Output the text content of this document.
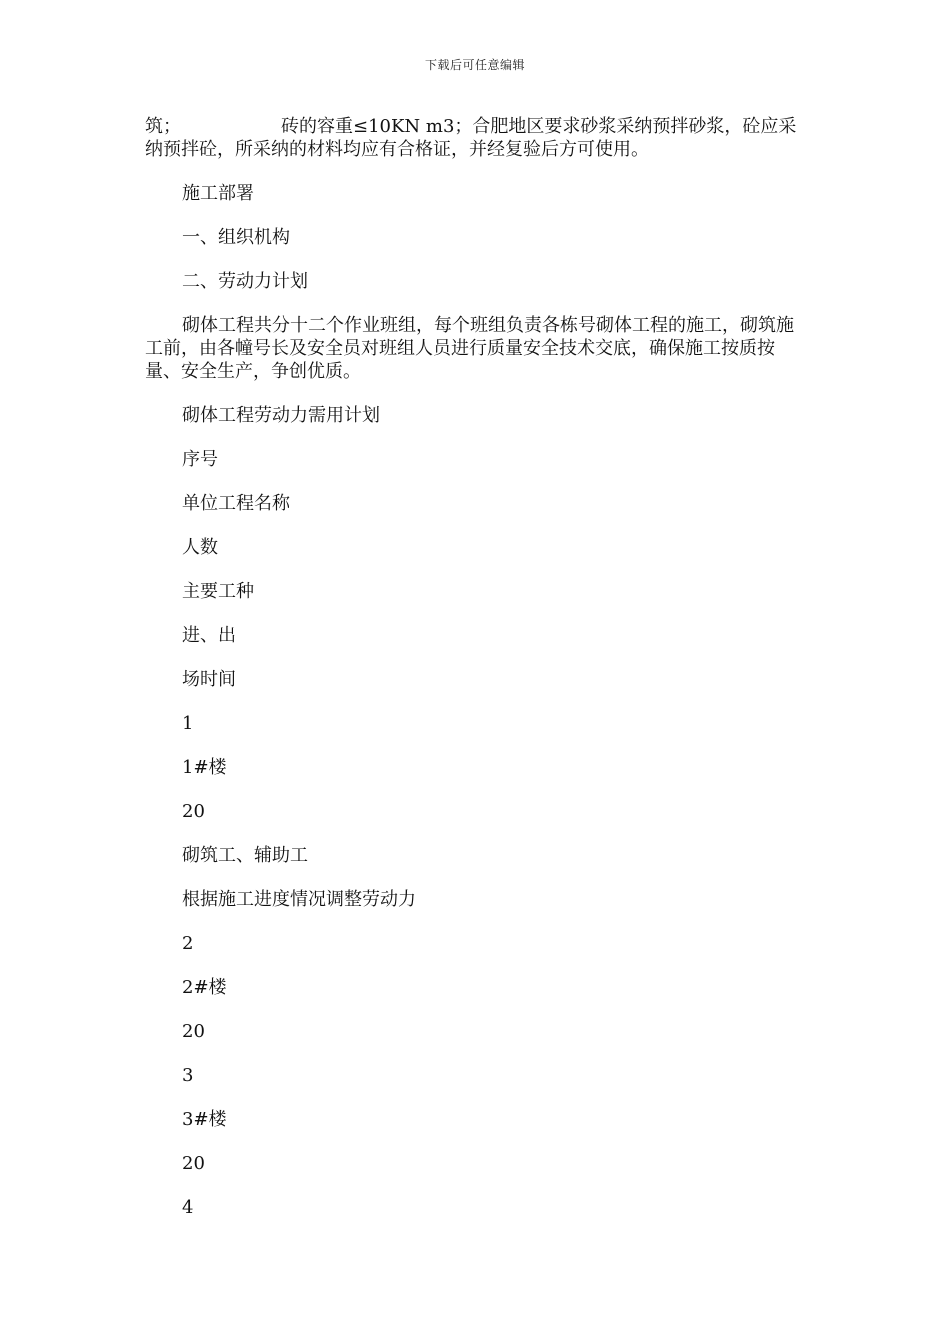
下载后可任意编辑

筑；	砖的容重≤10KN m3；合肥地区要求砂浆采纳预拌砂浆，砼应采纳预拌砼，所采纳的材料均应有合格证，并经复验后方可使用。

施工部署
一、组织机构
二、劳动力计划

砌体工程共分十二个作业班组，每个班组负责各栋号砌体工程的施工，砌筑施工前，由各幢号长及安全员对班组人员进行质量安全技术交底，确保施工按质按量、安全生产，争创优质。

砌体工程劳动力需用计划
序号
单位工程名称
人数
主要工种
进、出
场时间
1
1#楼
20
砌筑工、辅助工
根据施工进度情况调整劳动力
2
2#楼
20
3
3#楼
20
4
